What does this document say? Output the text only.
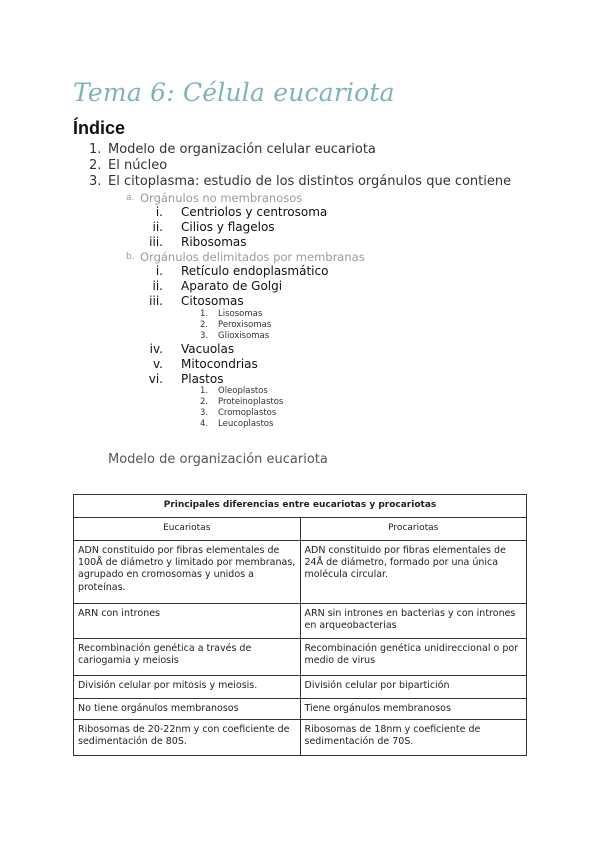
Tema 6: Célula eucariota
Índice
1. Modelo de organización celular eucariota
2. El núcleo
3. El citoplasma: estudio de los distintos orgánulos que contiene
a. Orgánulos no membranosos
i. Centriolos y centrosoma
ii. Cilios y flagelos
iii. Ribosomas
b. Orgánulos delimitados por membranas
i. Retículo endoplasmático
ii. Aparato de Golgi
iii. Citosomas
1. Lisosomas
2. Peroxisomas
3. Glioxisomas
iv. Vacuolas
v. Mitocondrias
vi. Plastos
1. Oleoplastos
2. Proteinoplastos
3. Cromoplastos
4. Leucoplastos
Modelo de organización eucariota
Principales diferencias entre eucariotas y procariotas	
Eucariotas	Procariotas
ADN constituido por fibras elementales de 100Å de diámetro y limitado por membranas, agrupado en cromosomas y unidos a proteínas.	ADN constituido por fibras elementales de 24Å de diámetro, formado por una única molécula circular.
ARN con intrones	ARN sin intrones en bacterias y con intrones en arqueobacterias
Recombinación genética a través de cariogamia y meiosis	Recombinación genética unidireccional o por medio de virus
División celular por mitosis y meiosis.	División celular por bipartición
No tiene orgánulos membranosos	Tiene orgánulos membranosos
Ribosomas de 20-22nm y con coeficiente de sedimentación de 80S.	Ribosomas de 18nm y coeficiente de sedimentación de 70S.
